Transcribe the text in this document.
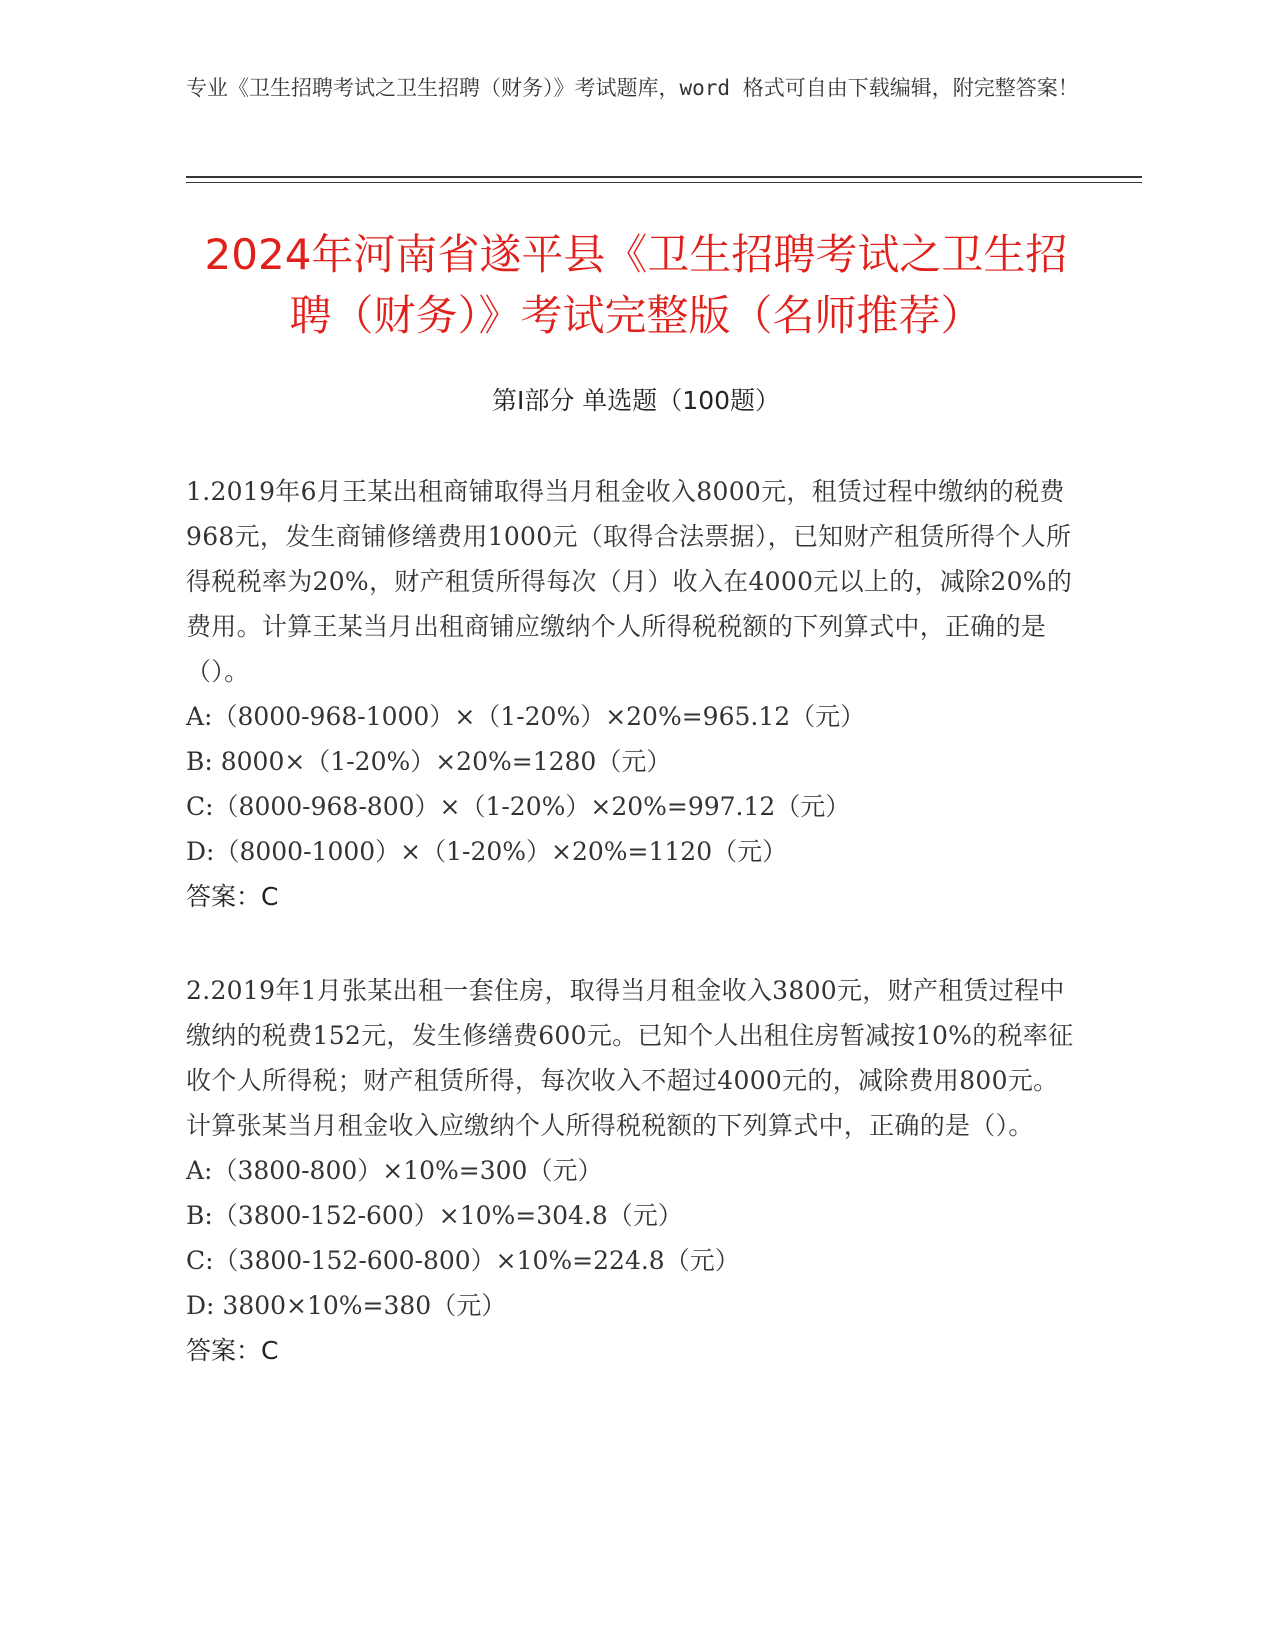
专业《卫生招聘考试之卫生招聘（财务）》考试题库，word 格式可自由下载编辑，附完整答案！
2024年河南省遂平县《卫生招聘考试之卫生招聘（财务）》考试完整版（名师推荐）
第Ⅰ部分 单选题（100题）
1.2019年6月王某出租商铺取得当月租金收入8000元，租赁过程中缴纳的税费968元，发生商铺修缮费用1000元（取得合法票据），已知财产租赁所得个人所得税税率为20%，财产租赁所得每次（月）收入在4000元以上的，减除20%的费用。计算王某当月出租商铺应缴纳个人所得税税额的下列算式中，正确的是（）。
A:（8000-968-1000）×（1-20%）×20%=965.12（元）
B: 8000×（1-20%）×20%=1280（元）
C:（8000-968-800）×（1-20%）×20%=997.12（元）
D:（8000-1000）×（1-20%）×20%=1120（元）
答案：C
2.2019年1月张某出租一套住房，取得当月租金收入3800元，财产租赁过程中缴纳的税费152元，发生修缮费600元。已知个人出租住房暂减按10%的税率征收个人所得税；财产租赁所得，每次收入不超过4000元的，减除费用800元。计算张某当月租金收入应缴纳个人所得税税额的下列算式中，正确的是（）。
A:（3800-800）×10%=300（元）
B:（3800-152-600）×10%=304.8（元）
C:（3800-152-600-800）×10%=224.8（元）
D: 3800×10%=380（元）
答案：C
